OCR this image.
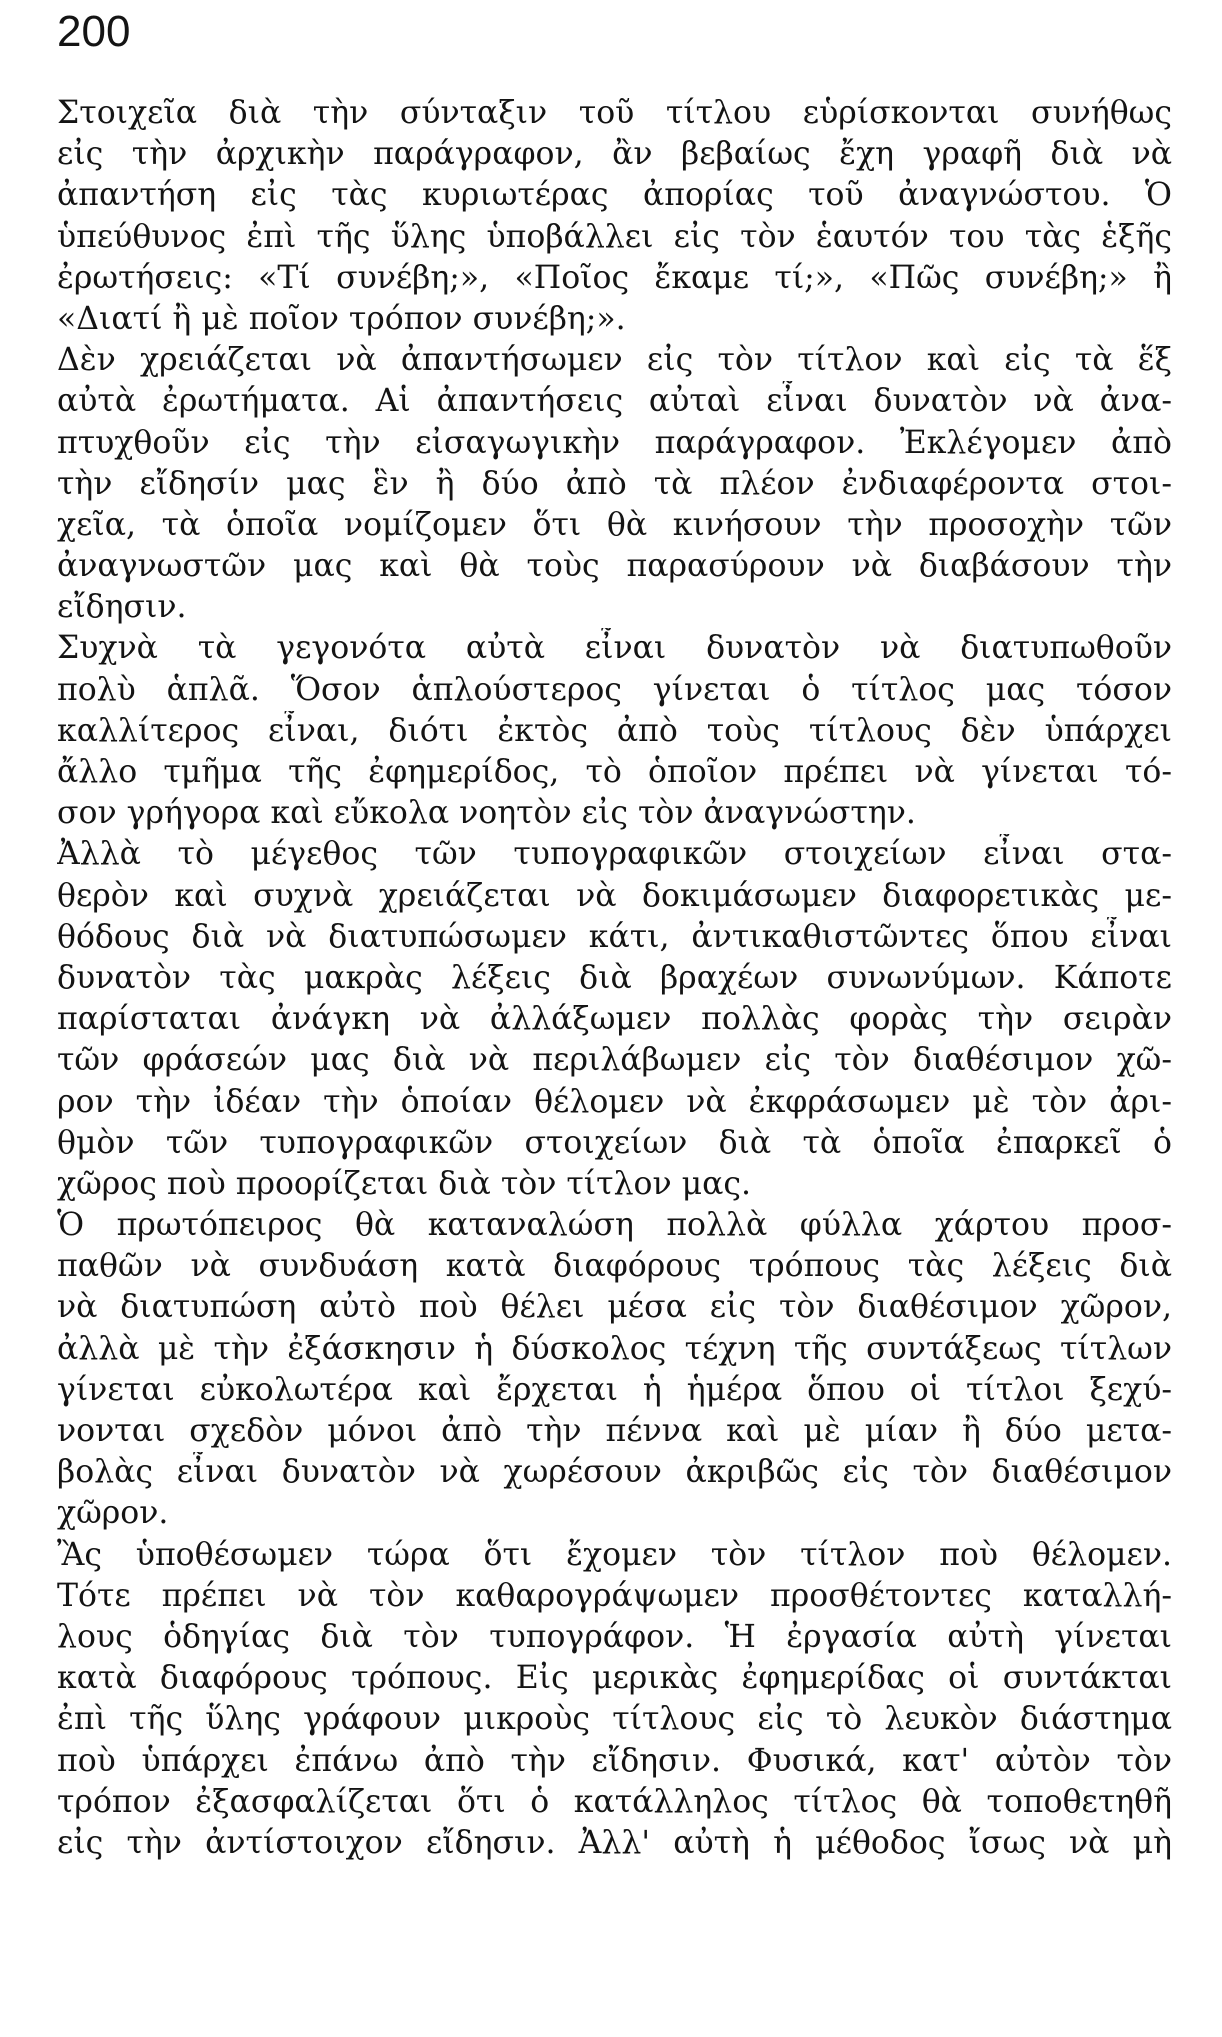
200
Στοιχεῖα διὰ τὴν σύνταξιν τοῦ τίτλου εὑρίσκονται συνήθως
εἰς τὴν ἀρχικὴν παράγραφον, ἂν βεβαίως ἔχη γραφῆ διὰ νὰ
ἀπαντήση εἰς τὰς κυριωτέρας ἀπορίας τοῦ ἀναγνώστου. Ὁ
ὑπεύθυνος ἐπὶ τῆς ὕλης ὑποβάλλει εἰς τὸν ἑαυτόν του τὰς ἑξῆς
ἐρωτήσεις: «Τί συνέβη;», «Ποῖος ἔκαμε τί;», «Πῶς συνέβη;» ἢ
«Διατί ἢ μὲ ποῖον τρόπον συνέβη;».
Δὲν χρειάζεται νὰ ἀπαντήσωμεν εἰς τὸν τίτλον καὶ εἰς τὰ ἕξ
αὐτὰ ἐρωτήματα. Αἱ ἀπαντήσεις αὐταὶ εἶναι δυνατὸν νὰ ἀνα-
πτυχθοῦν εἰς τὴν εἰσαγωγικὴν παράγραφον. Ἐκλέγομεν ἀπὸ
τὴν εἴδησίν μας ἓν ἢ δύο ἀπὸ τὰ πλέον ἐνδιαφέροντα στοι-
χεῖα, τὰ ὁποῖα νομίζομεν ὅτι θὰ κινήσουν τὴν προσοχὴν τῶν
ἀναγνωστῶν μας καὶ θὰ τοὺς παρασύρουν νὰ διαβάσουν τὴν
εἴδησιν.
Συχνὰ τὰ γεγονότα αὐτὰ εἶναι δυνατὸν νὰ διατυπωθοῦν
πολὺ ἁπλᾶ. Ὅσον ἁπλούστερος γίνεται ὁ τίτλος μας τόσον
καλλίτερος εἶναι, διότι ἐκτὸς ἀπὸ τοὺς τίτλους δὲν ὑπάρχει
ἄλλο τμῆμα τῆς ἐφημερίδος, τὸ ὁποῖον πρέπει νὰ γίνεται τό-
σον γρήγορα καὶ εὔκολα νοητὸν εἰς τὸν ἀναγνώστην.
Ἀλλὰ τὸ μέγεθος τῶν τυπογραφικῶν στοιχείων εἶναι στα-
θερὸν καὶ συχνὰ χρειάζεται νὰ δοκιμάσωμεν διαφορετικὰς με-
θόδους διὰ νὰ διατυπώσωμεν κάτι, ἀντικαθιστῶντες ὅπου εἶναι
δυνατὸν τὰς μακρὰς λέξεις διὰ βραχέων συνωνύμων. Κάποτε
παρίσταται ἀνάγκη νὰ ἀλλάξωμεν πολλὰς φορὰς τὴν σειρὰν
τῶν φράσεών μας διὰ νὰ περιλάβωμεν εἰς τὸν διαθέσιμον χῶ-
ρον τὴν ἰδέαν τὴν ὁποίαν θέλομεν νὰ ἐκφράσωμεν μὲ τὸν ἀρι-
θμὸν τῶν τυπογραφικῶν στοιχείων διὰ τὰ ὁποῖα ἐπαρκεῖ ὁ
χῶρος ποὺ προορίζεται διὰ τὸν τίτλον μας.
Ὁ πρωτόπειρος θὰ καταναλώση πολλὰ φύλλα χάρτου προσ-
παθῶν νὰ συνδυάση κατὰ διαφόρους τρόπους τὰς λέξεις διὰ
νὰ διατυπώση αὐτὸ ποὺ θέλει μέσα εἰς τὸν διαθέσιμον χῶρον,
ἀλλὰ μὲ τὴν ἐξάσκησιν ἡ δύσκολος τέχνη τῆς συντάξεως τίτλων
γίνεται εὐκολωτέρα καὶ ἔρχεται ἡ ἡμέρα ὅπου οἱ τίτλοι ξεχύ-
νονται σχεδὸν μόνοι ἀπὸ τὴν πέννα καὶ μὲ μίαν ἢ δύο μετα-
βολὰς εἶναι δυνατὸν νὰ χωρέσουν ἀκριβῶς εἰς τὸν διαθέσιμον
χῶρον.
Ἂς ὑποθέσωμεν τώρα ὅτι ἔχομεν τὸν τίτλον ποὺ θέλομεν.
Τότε πρέπει νὰ τὸν καθαρογράψωμεν προσθέτοντες καταλλή-
λους ὁδηγίας διὰ τὸν τυπογράφον. Ἡ ἐργασία αὐτὴ γίνεται
κατὰ διαφόρους τρόπους. Εἰς μερικὰς ἐφημερίδας οἱ συντάκται
ἐπὶ τῆς ὕλης γράφουν μικροὺς τίτλους εἰς τὸ λευκὸν διάστημα
ποὺ ὑπάρχει ἐπάνω ἀπὸ τὴν εἴδησιν. Φυσικά, κατ' αὐτὸν τὸν
τρόπον ἐξασφαλίζεται ὅτι ὁ κατάλληλος τίτλος θὰ τοποθετηθῆ
εἰς τὴν ἀντίστοιχον εἴδησιν. Ἀλλ' αὐτὴ ἡ μέθοδος ἴσως νὰ μὴ
